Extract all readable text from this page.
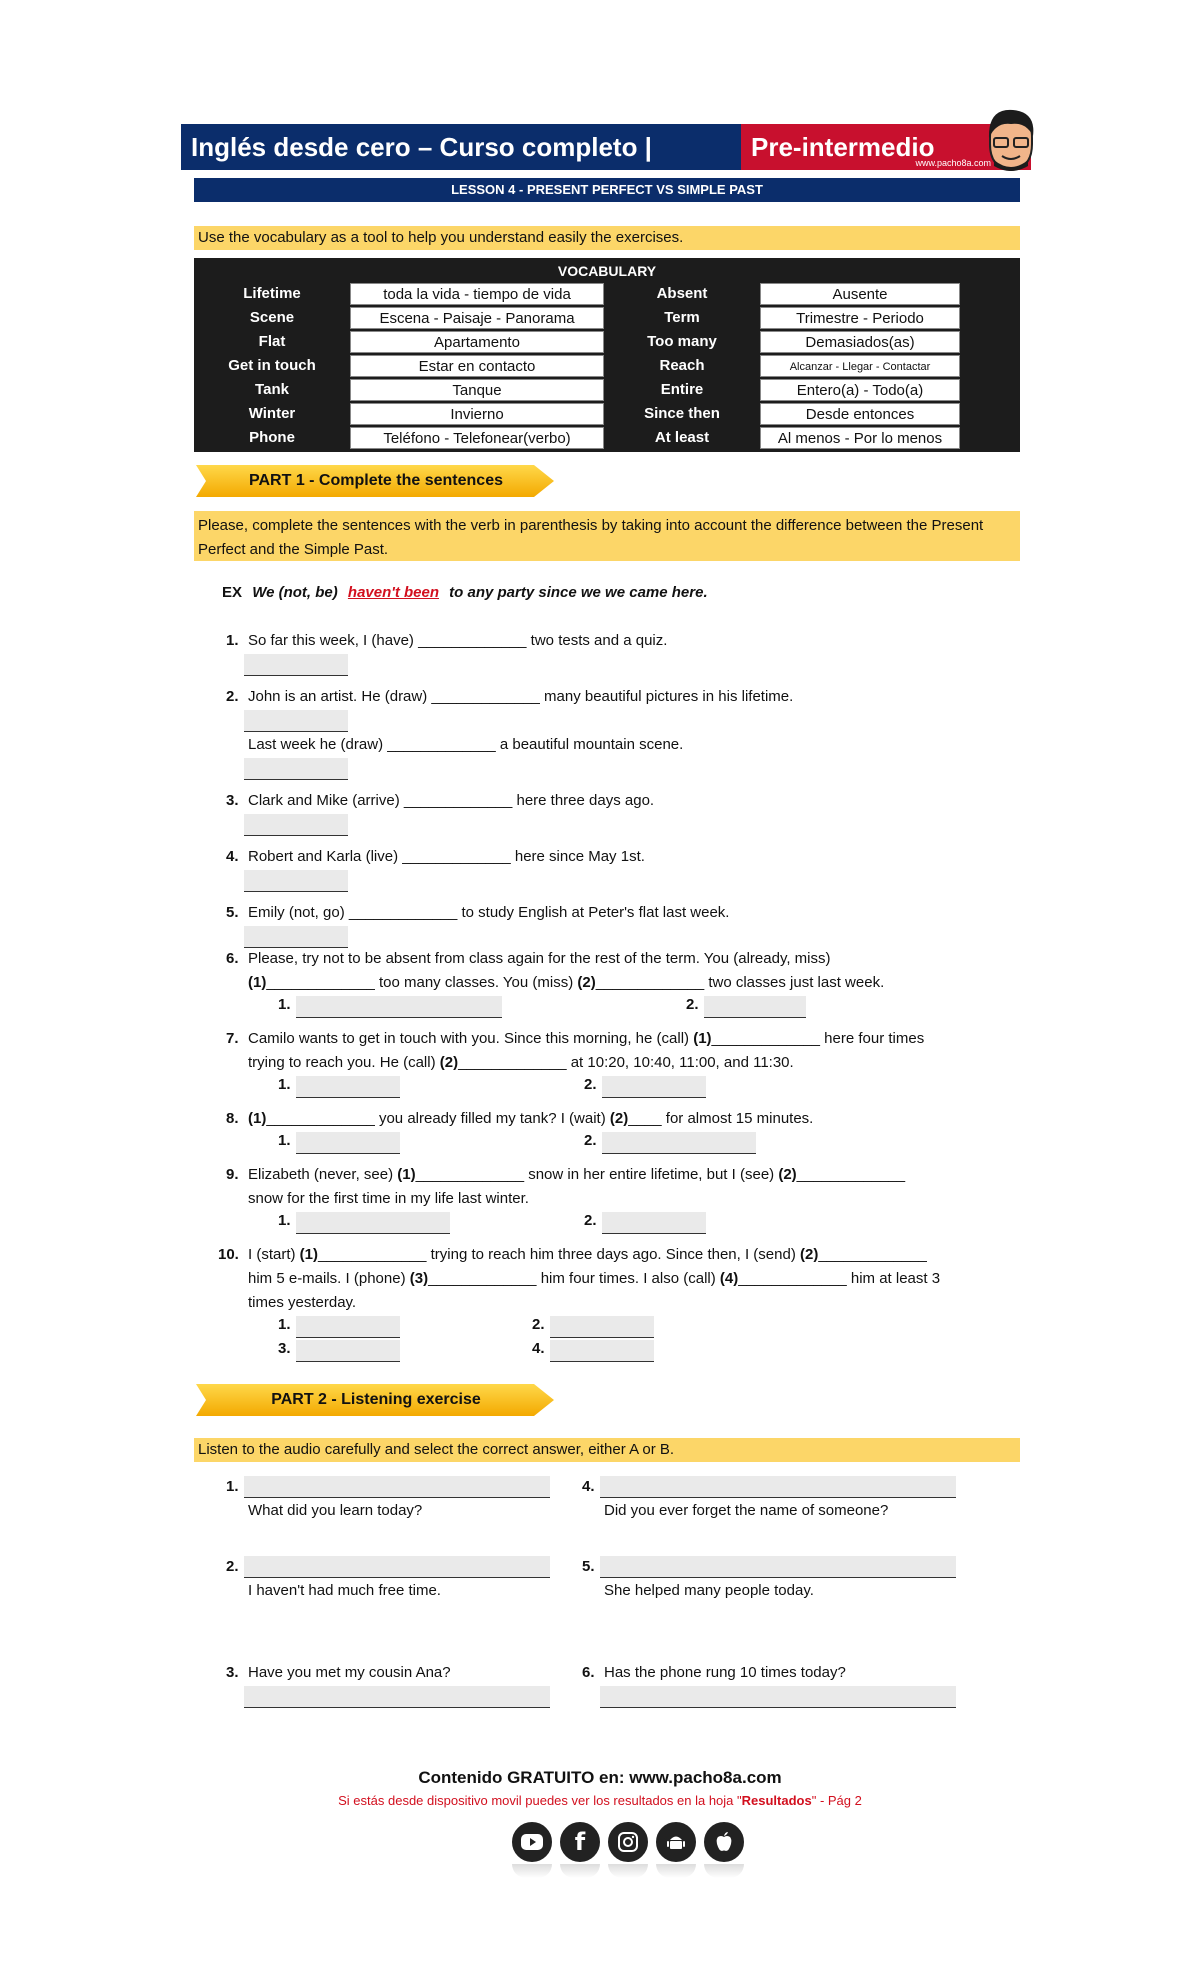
Inglés desde cero – Curso completo |	Pre-intermedio
www.pacho8a.com
LESSON 4 - PRESENT PERFECT VS SIMPLE PAST
Use the vocabulary as a tool to help you understand easily the exercises.
VOCABULARY
Lifetime	toda la vida - tiempo de vida	Absent	Ausente
Scene	Escena - Paisaje - Panorama	Term	Trimestre - Periodo
Flat	Apartamento	Too many	Demasiados(as)
Get in touch	Estar en contacto	Reach	Alcanzar - Llegar - Contactar
Tank	Tanque	Entire	Entero(a) - Todo(a)
Winter	Invierno	Since then	Desde entonces
Phone	Teléfono - Telefonear(verbo)	At least	Al menos - Por lo menos
PART 1 - Complete the sentences
Please, complete the sentences with the verb in parenthesis by taking into account the difference between the Present Perfect and the Simple Past.
EX We (not, be) haven't been to any party since we we came here.
1. So far this week, I (have) _____________ two tests and a quiz.
2. John is an artist. He (draw) _____________ many beautiful pictures in his lifetime.
Last week he (draw) _____________ a beautiful mountain scene.
3. Clark and Mike (arrive) _____________ here three days ago.
4. Robert and Karla (live) _____________ here since May 1st.
5. Emily (not, go) _____________ to study English at Peter's flat last week.
6. Please, try not to be absent from class again for the rest of the term. You (already, miss)
(1)_____________ too many classes. You (miss) (2)_____________ two classes just last week.
1.	2.
7. Camilo wants to get in touch with you. Since this morning, he (call) (1)_____________ here four times
trying to reach you. He (call) (2)_____________ at 10:20, 10:40, 11:00, and 11:30.
1.	2.
8. (1)_____________ you already filled my tank? I (wait) (2)____ for almost 15 minutes.
1.	2.
9. Elizabeth (never, see) (1)_____________ snow in her entire lifetime, but I (see) (2)_____________
snow for the first time in my life last winter.
1.	2.
10. I (start) (1)_____________ trying to reach him three days ago. Since then, I (send) (2)_____________
him 5 e-mails. I (phone) (3)_____________ him four times. I also (call) (4)_____________ him at least 3
times yesterday.
1.	2.
3.	4.
PART 2 - Listening exercise
Listen to the audio carefully and select the correct answer, either A or B.
1.
What did you learn today?
2.
I haven't had much free time.
3. Have you met my cousin Ana?
4.
Did you ever forget the name of someone?
5.
She helped many people today.
6. Has the phone rung 10 times today?
Contenido GRATUITO en: www.pacho8a.com
Si estás desde dispositivo movil puedes ver los resultados en la hoja "Resultados" - Pág 2
f
